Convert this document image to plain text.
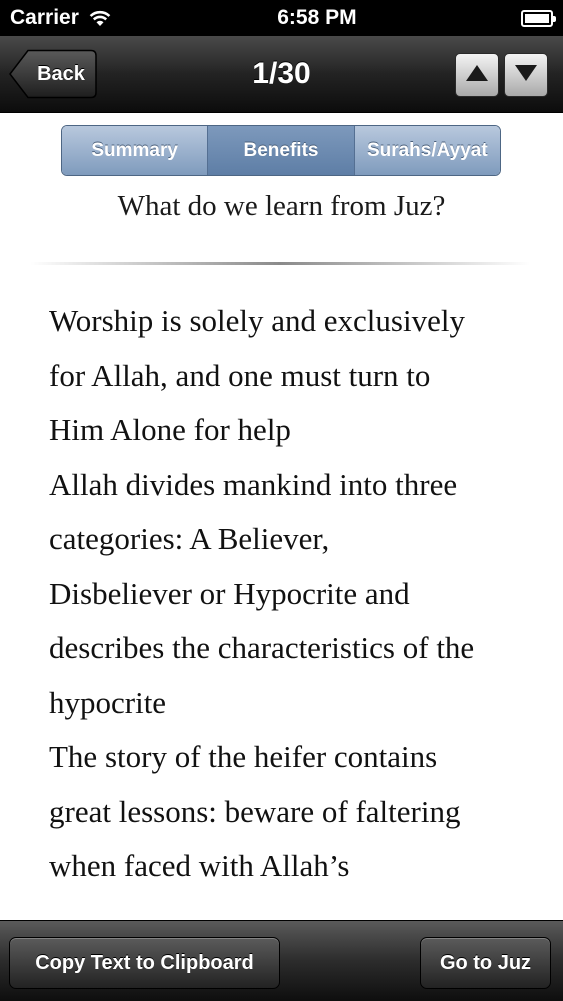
Carrier	6:58 PM
Back	1/30
Summary	Benefits	Surahs/Ayyat
What do we learn from Juz?
Worship is solely and exclusively
for Allah, and one must turn to
Him Alone for help
Allah divides mankind into three
categories: A Believer,
Disbeliever or Hypocrite and
describes the characteristics of the
hypocrite
The story of the heifer contains
great lessons: beware of faltering
when faced with Allah’s
Copy Text to Clipboard	Go to Juz
